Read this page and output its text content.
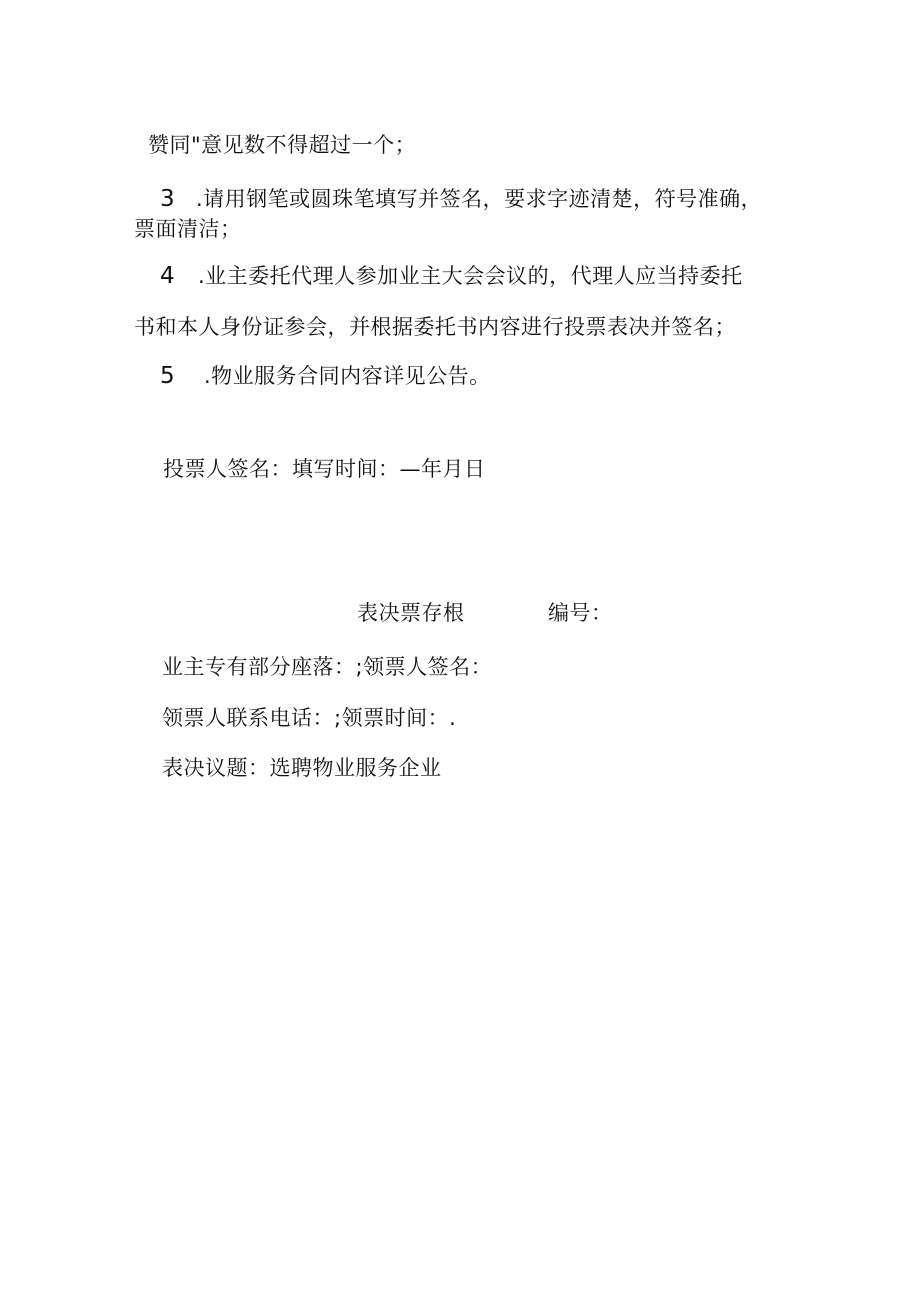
赞同"意见数不得超过一个；
3 .请用钢笔或圆珠笔填写并签名，要求字迹清楚，符号准确，
票面清洁；
4 .业主委托代理人参加业主大会会议的，代理人应当持委托
书和本人身份证参会，并根据委托书内容进行投票表决并签名；
5 .物业服务合同内容详见公告。
投票人签名：填写时间：—年月日
表决票存根	编号：
业主专有部分座落：;领票人签名：
领票人联系电话：;领票时间：.
表决议题：选聘物业服务企业
